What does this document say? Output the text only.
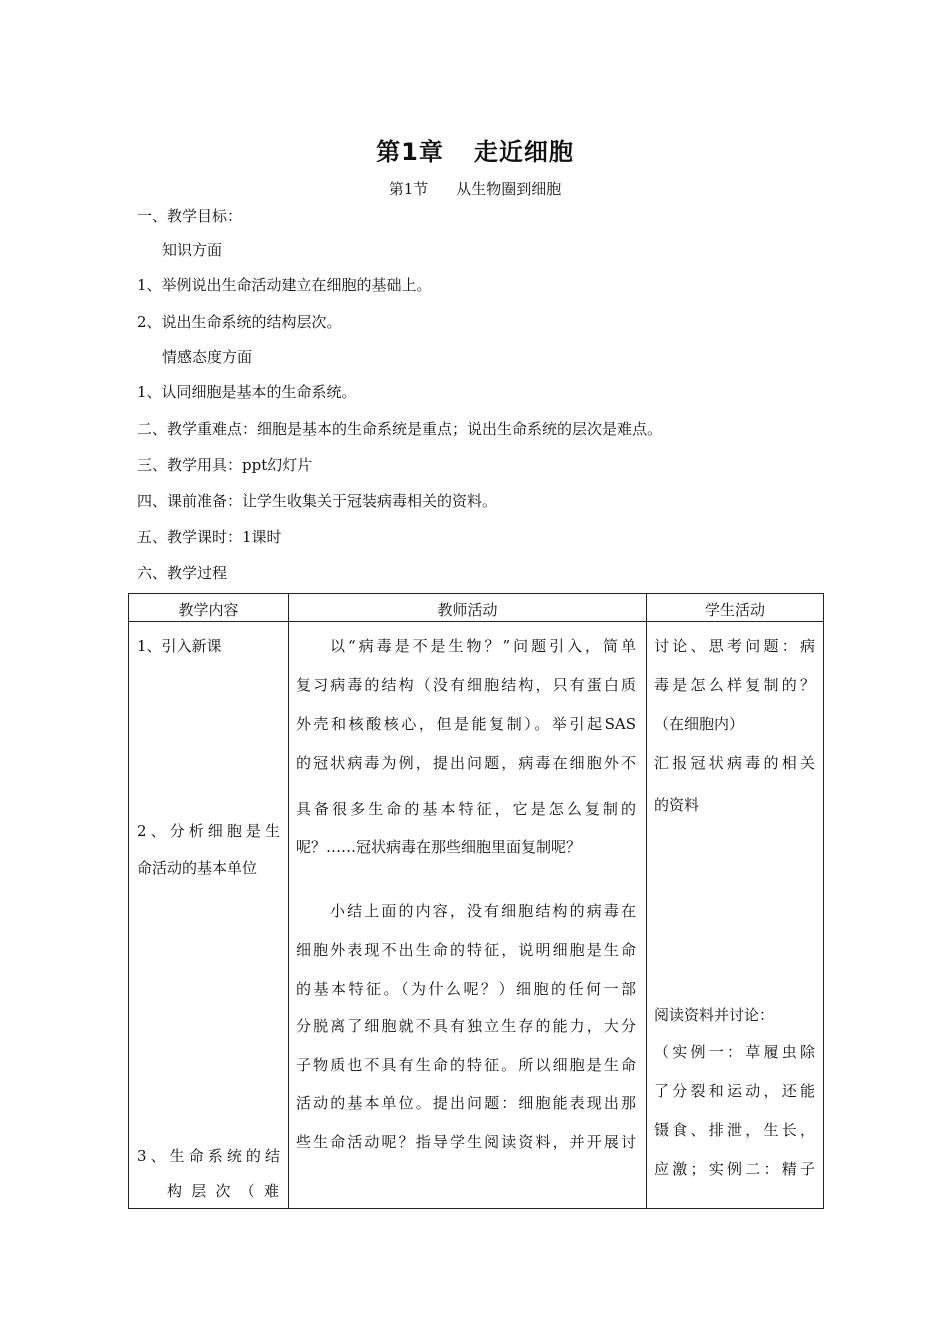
第1章 走近细胞
第1节 从生物圈到细胞
一、教学目标：
知识方面
1、举例说出生命活动建立在细胞的基础上。
2、说出生命系统的结构层次。
情感态度方面
1、认同细胞是基本的生命系统。
二、教学重难点：细胞是基本的生命系统是重点；说出生命系统的层次是难点。
三、教学用具：ppt幻灯片
四、课前准备：让学生收集关于冠装病毒相关的资料。
五、教学课时：1课时
六、教学过程
教学内容	教师活动	学生活动
1、引入新课
2、分析细胞是生
命活动的基本单位
3、生命系统的结
构层次（难
以“病毒是不是生物？”问题引入，简单
复习病毒的结构（没有细胞结构，只有蛋白质
外壳和核酸核心，但是能复制）。举引起SAS
的冠状病毒为例，提出问题，病毒在细胞外不
具备很多生命的基本特征，它是怎么复制的
呢？……冠状病毒在那些细胞里面复制呢？
小结上面的内容，没有细胞结构的病毒在
细胞外表现不出生命的特征，说明细胞是生命
的基本特征。（为什么呢？）细胞的任何一部
分脱离了细胞就不具有独立生存的能力，大分
子物质也不具有生命的特征。所以细胞是生命
活动的基本单位。提出问题：细胞能表现出那
些生命活动呢？指导学生阅读资料，并开展讨
讨论、思考问题：病
毒是怎么样复制的？
（在细胞内）
汇报冠状病毒的相关
的资料
阅读资料并讨论：
（实例一：草履虫除
了分裂和运动，还能
镊食、排泄，生长，
应激；实例二：精子
